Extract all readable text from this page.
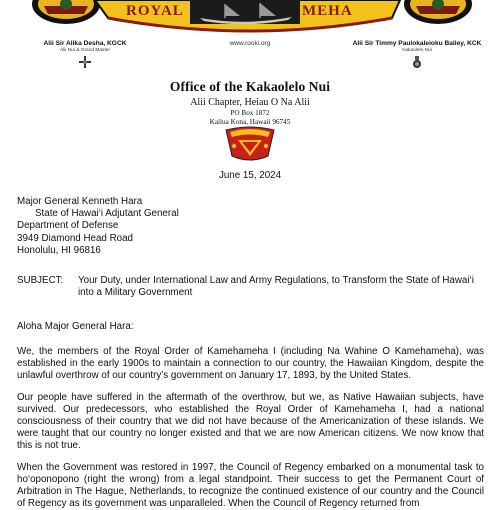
ROYAL	MEHA
Alii Sir Alika Desha, KGCK
Alii Nui & Grand Master
www.rooki.org	Alii Sir Timmy Paulokaleioku Bailey, KCK
Kakaolelo Nui
Office of the Kakaolelo Nui
Alii Chapter, Heiau O Na Alii
PO Box 1872
Kailua Kona, Hawaii 96745
June 15, 2024
Major General Kenneth Hara
State of Hawai‘i Adjutant General
Department of Defense
3949 Diamond Head Road
Honolulu, HI 96816
SUBJECT: Your Duty, under International Law and Army Regulations, to Transform the State of Hawai‘i into a Military Government
Aloha Major General Hara:

We, the members of the Royal Order of Kamehameha I (including Na Wahine O Kamehameha), was established in the early 1900s to maintain a connection to our country, the Hawaiian Kingdom, despite the unlawful overthrow of our country’s government on January 17, 1893, by the United States.

Our people have suffered in the aftermath of the overthrow, but we, as Native Hawaiian subjects, have survived. Our predecessors, who established the Royal Order of Kamehameha I, had a national consciousness of their country that we did not have because of the Americanization of these islands. We were taught that our country no longer existed and that we are now American citizens. We now know that this is not true.

When the Government was restored in 1997, the Council of Regency embarked on a monumental task to ho‘oponopono (right the wrong) from a legal standpoint. Their success to get the Permanent Court of Arbitration in The Hague, Netherlands, to recognize the continued existence of our country and the Council of Regency as its government was unparalleled. When the Council of Regency returned from
